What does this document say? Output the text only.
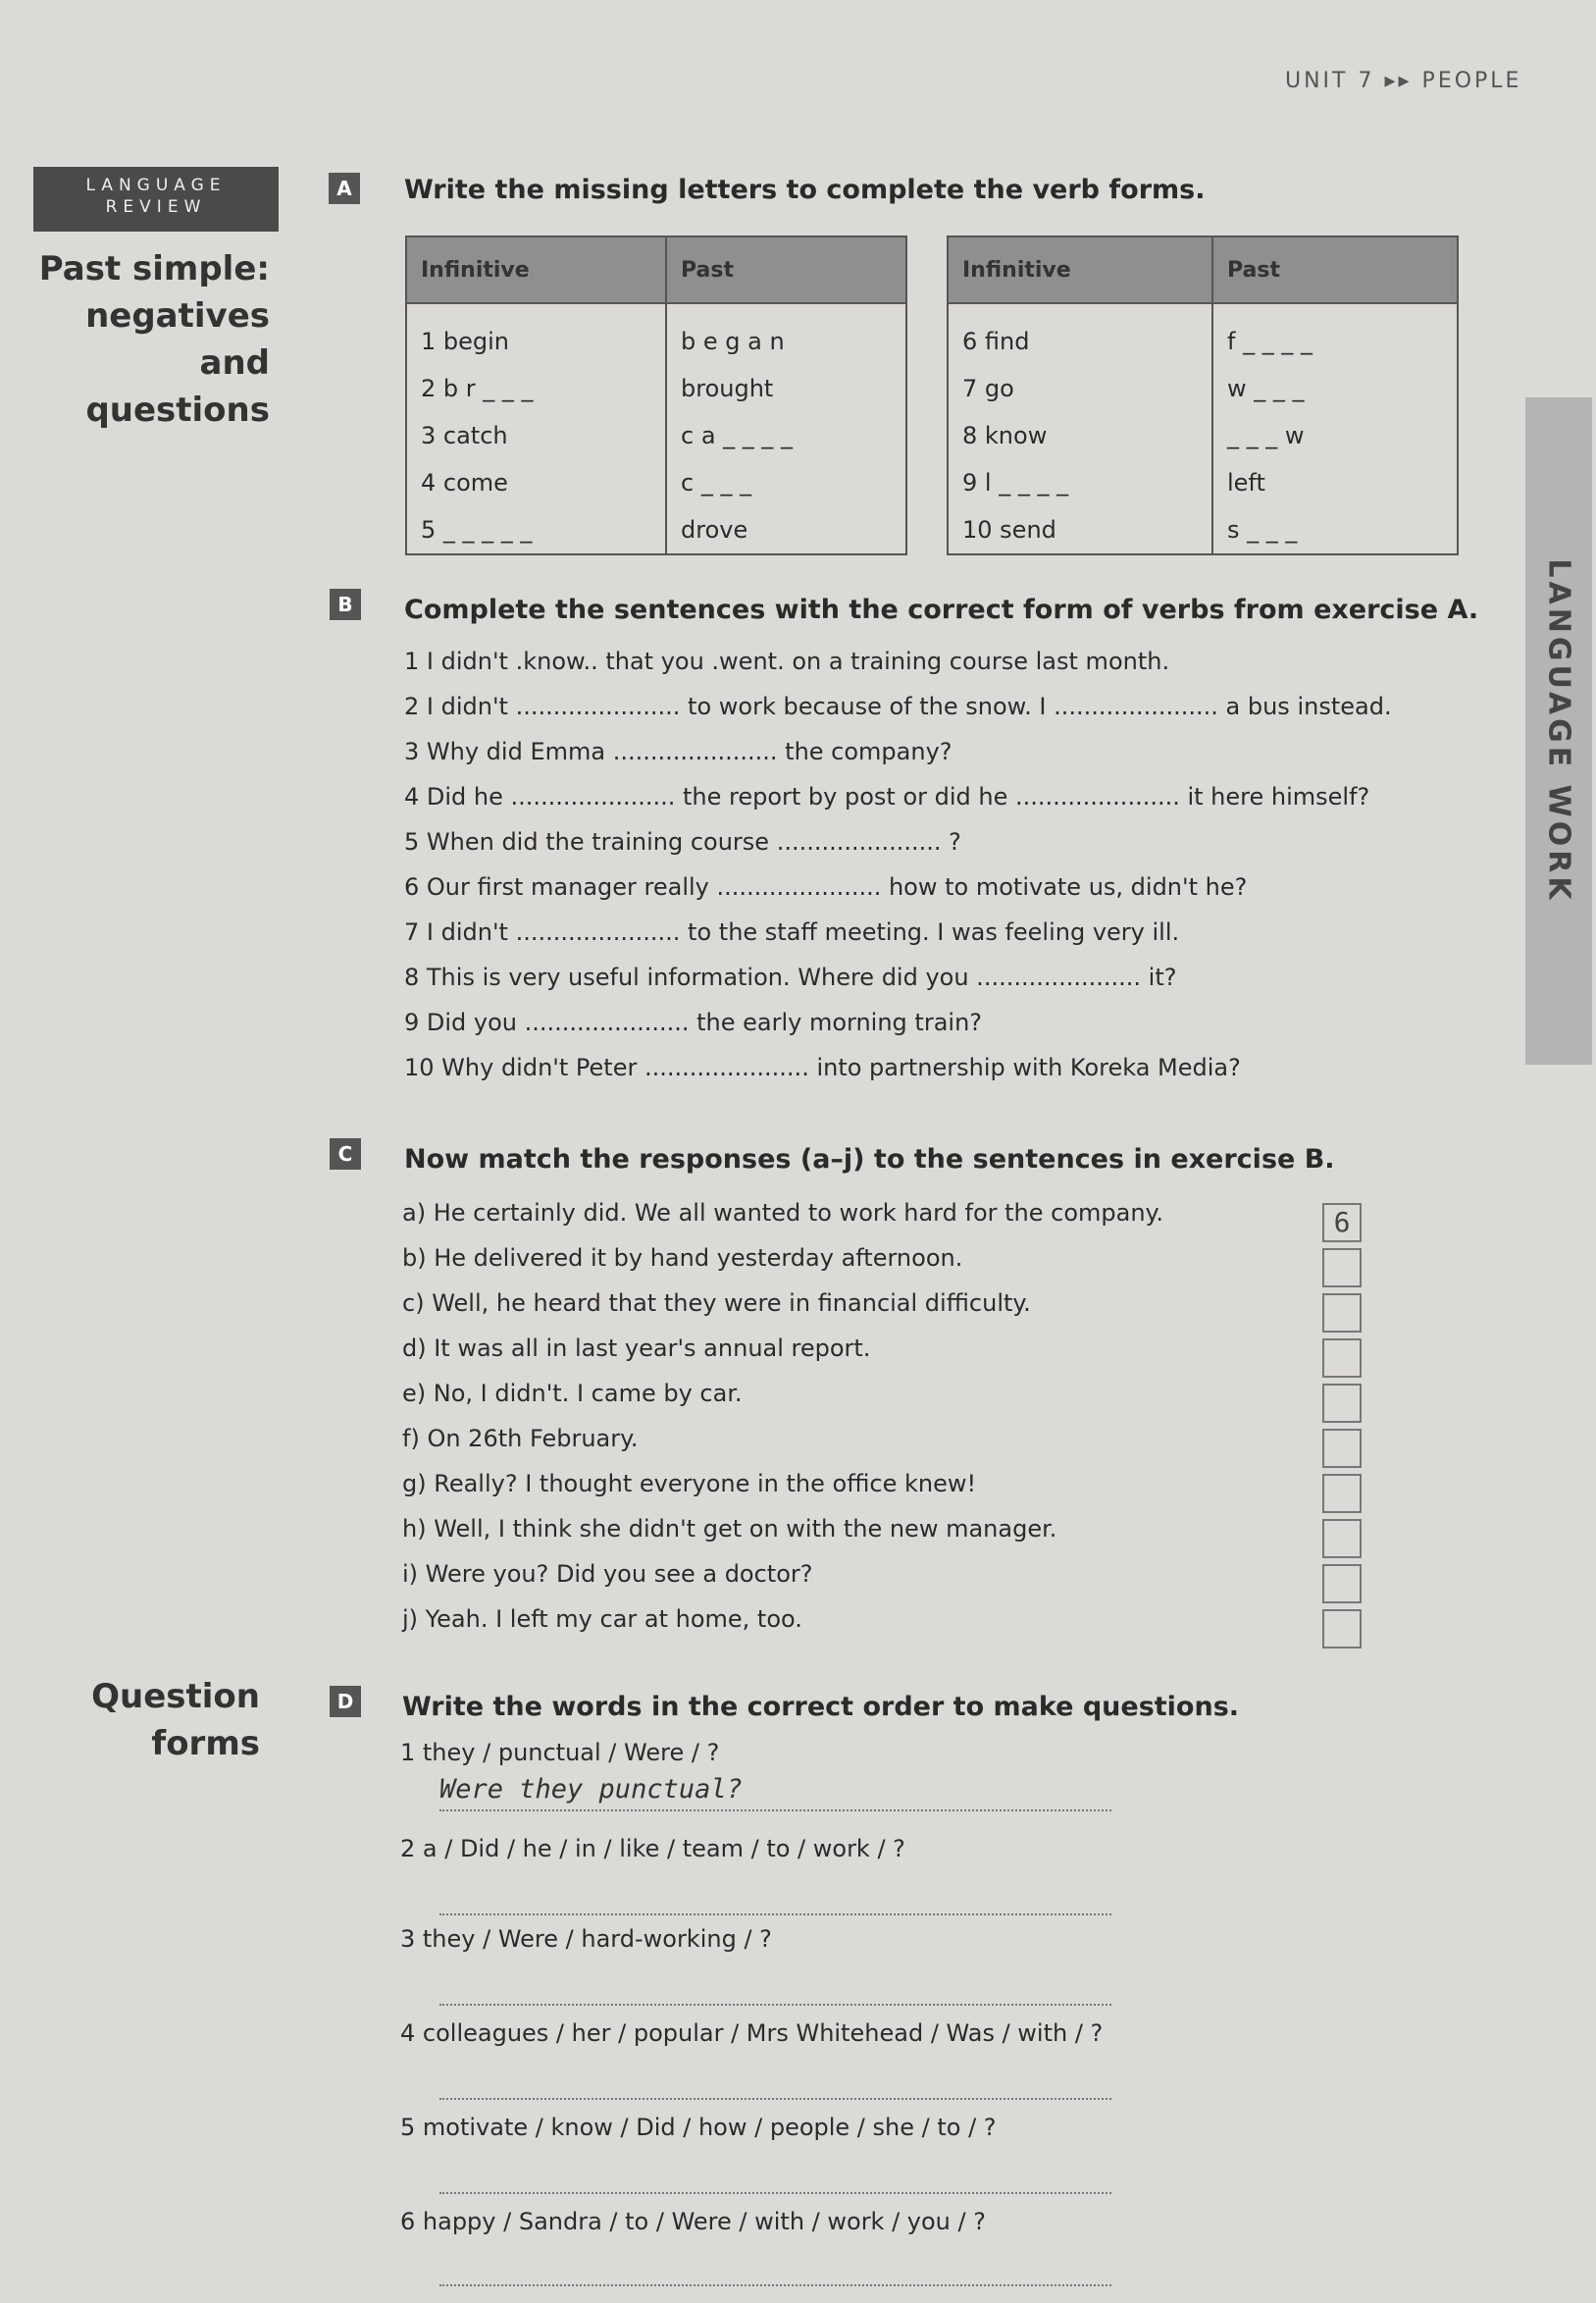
UNIT 7 ▸▸ PEOPLE
LANGUAGE
REVIEW
Past simple:
negatives and
questions
Question
forms
LANGUAGE WORK
A	Write the missing letters to complete the verb forms.
Infinitive	Past
1 begin	b e g a n
2 b r _ _ _	brought
3 catch	c a _ _ _ _
4 come	c _ _ _
5 _ _ _ _ _	drove
Infinitive	Past
6 find	f _ _ _ _
7 go	w _ _ _
8 know	_ _ _ w
9 l _ _ _ _	left
10 send	s _ _ _
B	Complete the sentences with the correct form of verbs from exercise A.
1 I didn't .know.. that you .went. on a training course last month.
2 I didn't ...................... to work because of the snow. I ...................... a bus instead.
3 Why did Emma ...................... the company?
4 Did he ...................... the report by post or did he ...................... it here himself?
5 When did the training course ...................... ?
6 Our first manager really ...................... how to motivate us, didn't he?
7 I didn't ...................... to the staff meeting. I was feeling very ill.
8 This is very useful information. Where did you ...................... it?
9 Did you ...................... the early morning train?
10 Why didn't Peter ...................... into partnership with Koreka Media?
C	Now match the responses (a–j) to the sentences in exercise B.
a) He certainly did. We all wanted to work hard for the company.
b) He delivered it by hand yesterday afternoon.
c) Well, he heard that they were in financial difficulty.
d) It was all in last year's annual report.
e) No, I didn't. I came by car.
f) On 26th February.
g) Really? I thought everyone in the office knew!
h) Well, I think she didn't get on with the new manager.
i) Were you? Did you see a doctor?
j) Yeah. I left my car at home, too.
6
D Write the words in the correct order to make questions.
1 they / punctual / Were / ?
Were they punctual?
2 a / Did / he / in / like / team / to / work / ?
3 they / Were / hard-working / ?
4 colleagues / her / popular / Mrs Whitehead / Was / with / ?
5 motivate / know / Did / how / people / she / to / ?
6 happy / Sandra / to / Were / with / work / you / ?
